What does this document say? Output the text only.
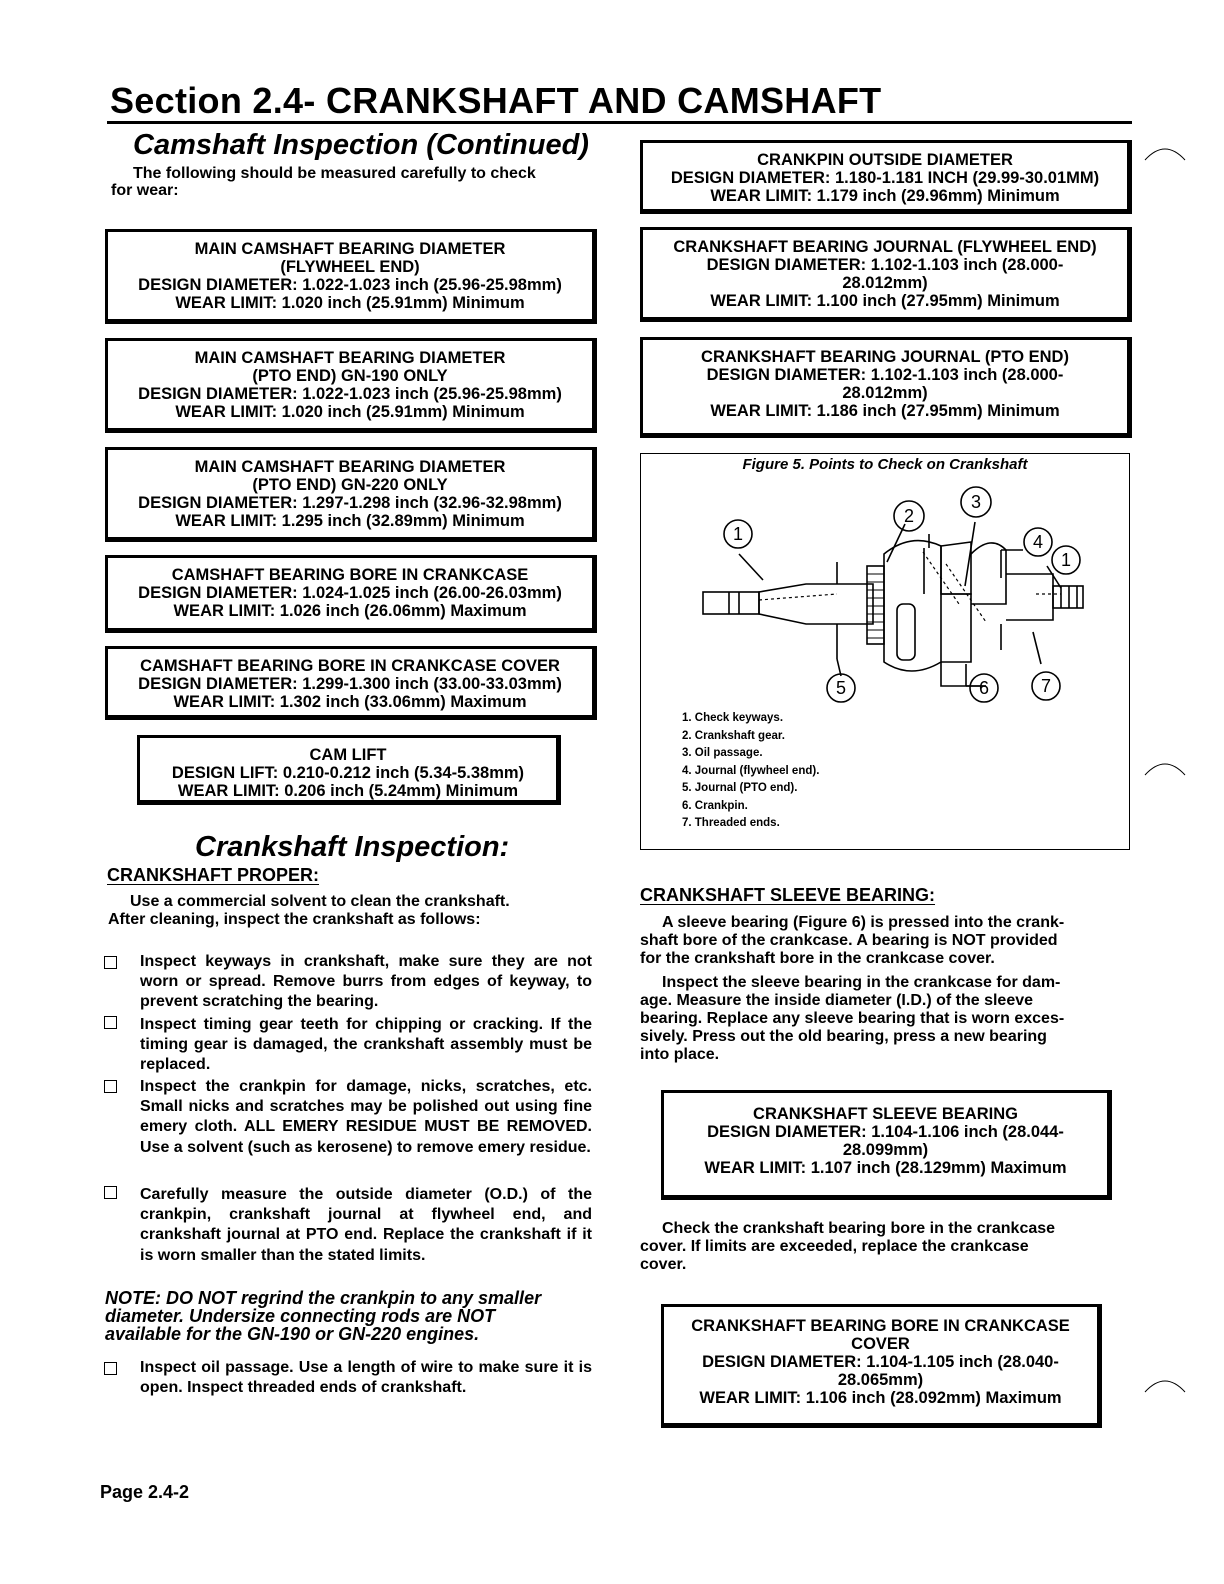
Section 2.4- CRANKSHAFT AND CAMSHAFT
Camshaft Inspection (Continued)
The following should be measured carefully to check
for wear:
MAIN CAMSHAFT BEARING DIAMETER
(FLYWHEEL END)
DESIGN DIAMETER: 1.022-1.023 inch (25.96-25.98mm)
WEAR LIMIT: 1.020 inch (25.91mm) Minimum
MAIN CAMSHAFT BEARING DIAMETER
(PTO END) GN-190 ONLY
DESIGN DIAMETER: 1.022-1.023 inch (25.96-25.98mm)
WEAR LIMIT: 1.020 inch (25.91mm) Minimum
MAIN CAMSHAFT BEARING DIAMETER
(PTO END) GN-220 ONLY
DESIGN DIAMETER: 1.297-1.298 inch (32.96-32.98mm)
WEAR LIMIT: 1.295 inch (32.89mm) Minimum
CAMSHAFT BEARING BORE IN CRANKCASE
DESIGN DIAMETER: 1.024-1.025 inch (26.00-26.03mm)
WEAR LIMIT: 1.026 inch (26.06mm) Maximum
CAMSHAFT BEARING BORE IN CRANKCASE COVER
DESIGN DIAMETER: 1.299-1.300 inch (33.00-33.03mm)
WEAR LIMIT: 1.302 inch (33.06mm) Maximum
CAM LIFT
DESIGN LIFT: 0.210-0.212 inch (5.34-5.38mm)
WEAR LIMIT: 0.206 inch (5.24mm) Minimum
Crankshaft Inspection:
CRANKSHAFT PROPER:
Use a commercial solvent to clean the crankshaft.
After cleaning, inspect the crankshaft as follows:
Inspect keyways in crankshaft, make sure they are not worn or spread. Remove burrs from edges of keyway, to prevent scratching the bearing.
Inspect timing gear teeth for chipping or cracking. If the timing gear is damaged, the crankshaft assembly must be replaced.
Inspect the crankpin for damage, nicks, scratches, etc. Small nicks and scratches may be polished out using fine emery cloth. ALL EMERY RESIDUE MUST BE REMOVED. Use a solvent (such as kerosene) to remove emery residue.
Carefully measure the outside diameter (O.D.) of the crankpin, crankshaft journal at flywheel end, and crankshaft journal at PTO end. Replace the crankshaft if it is worn smaller than the stated limits.
NOTE: DO NOT regrind the crankpin to any smaller
diameter. Undersize connecting rods are NOT
available for the GN-190 or GN-220 engines.
Inspect oil passage. Use a length of wire to make sure it is open. Inspect threaded ends of crankshaft.
Page 2.4-2
CRANKPIN OUTSIDE DIAMETER
DESIGN DIAMETER: 1.180-1.181 INCH (29.99-30.01MM)
WEAR LIMIT: 1.179 inch (29.96mm) Minimum
CRANKSHAFT BEARING JOURNAL (FLYWHEEL END)
DESIGN DIAMETER: 1.102-1.103 inch (28.000-
28.012mm)
WEAR LIMIT: 1.100 inch (27.95mm) Minimum
CRANKSHAFT BEARING JOURNAL (PTO END)
DESIGN DIAMETER: 1.102-1.103 inch (28.000-
28.012mm)
WEAR LIMIT: 1.186 inch (27.95mm) Minimum
Figure 5. Points to Check on Crankshaft
1
2
3
4
1
5	6	7
1. Check keyways.
2. Crankshaft gear.
3. Oil passage.
4. Journal (flywheel end).
5. Journal (PTO end).
6. Crankpin.
7. Threaded ends.
CRANKSHAFT SLEEVE BEARING:
A sleeve bearing (Figure 6) is pressed into the crank-
shaft bore of the crankcase. A bearing is NOT provided
for the crankshaft bore in the crankcase cover.
Inspect the sleeve bearing in the crankcase for dam-
age. Measure the inside diameter (I.D.) of the sleeve
bearing. Replace any sleeve bearing that is worn exces-
sively. Press out the old bearing, press a new bearing
into place.
CRANKSHAFT SLEEVE BEARING
DESIGN DIAMETER: 1.104-1.106 inch (28.044-
28.099mm)
WEAR LIMIT: 1.107 inch (28.129mm) Maximum
Check the crankshaft bearing bore in the crankcase
cover. If limits are exceeded, replace the crankcase
cover.
CRANKSHAFT BEARING BORE IN CRANKCASE
COVER
DESIGN DIAMETER: 1.104-1.105 inch (28.040-
28.065mm)
WEAR LIMIT: 1.106 inch (28.092mm) Maximum
